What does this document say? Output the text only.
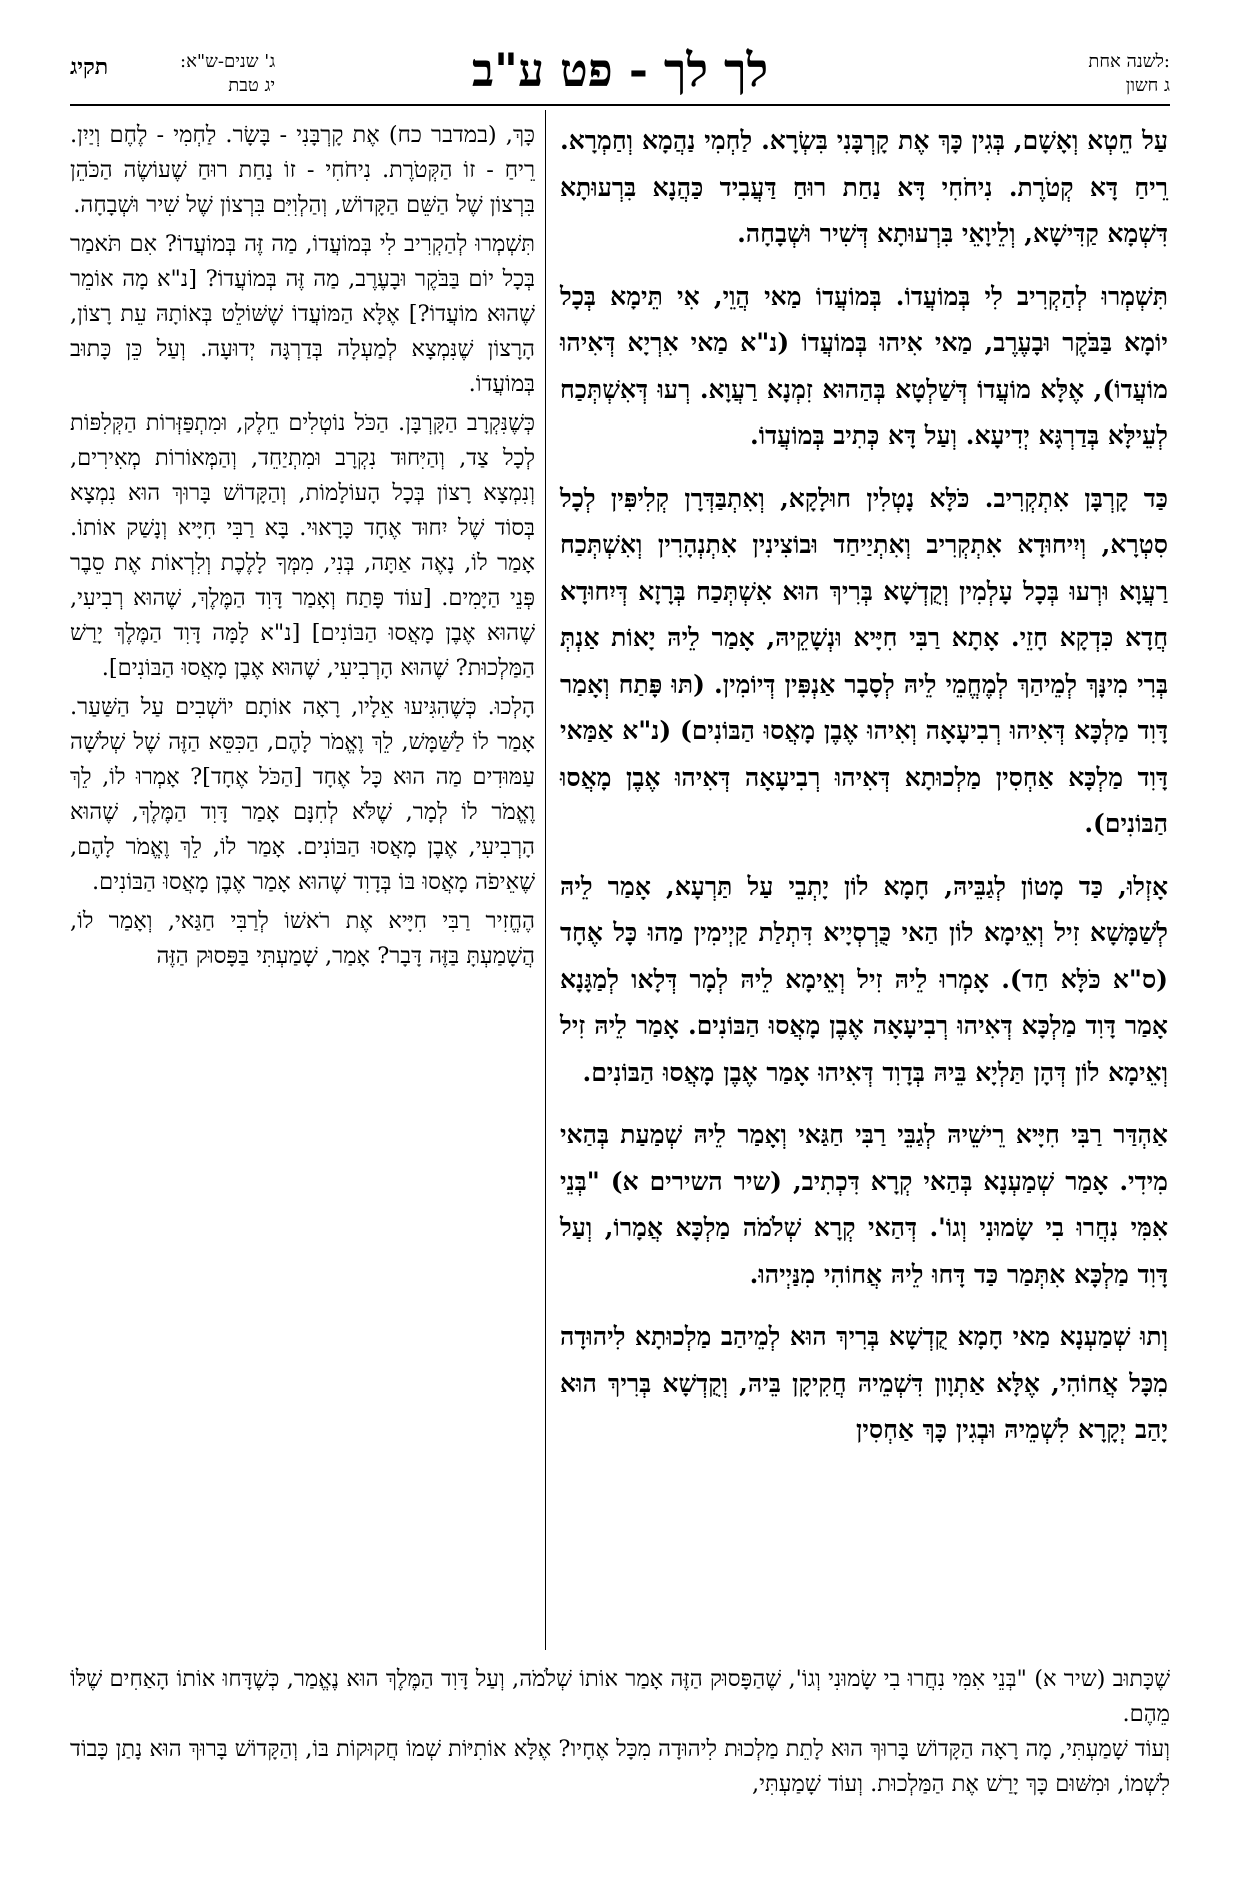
תקיג	ג' שנים-ש"א:
יג טבת	לך לך - פט ע"ב	לשנה אחת:
ג חשון

עַל חֵטְא וְאָשָׁם, בְּגִין כָּךְ אֶת קָרְבָּנִי בִּשְׂרָא. לַחְמִי נַהֲמָא וְחַמְרָא. רֵיחַ דָּא קְטֹרֶת. נִיחֹחִי דָּא נַחַת רוּחַ דַּעֲבִיד כַּהֲנָא בִּרְעוּתָא דִּשְׁמָא קַדִּישָׁא, וְלֵיוָאֵי בִּרְעוּתָא דְּשִׁיר וּשְׁבָחָה.

תִּשְׁמְרוּ לְהַקְרִיב לִי בְּמוֹעֲדוֹ. בְּמוֹעֲדוֹ מַאי הֲוֵי, אִי תֵּימָא בְּכָל יוֹמָא בַּבֹּקֶר וּבָעֶרֶב, מַאי אִיהוּ בְּמוֹעֲדוֹ (נ"א מַאי אִרְיָא דְּאִיהוּ מוֹעֲדוֹ), אֶלָּא מוֹעֲדוֹ דְּשַׁלְטָא בְּהַהוּא זִמְנָא רַעֲוָא. רְעוּ דְּאִשְׁתְּכַח לְעֵילָּא בְּדַרְגָּא יְדִיעָא. וְעַל דָּא כְּתִיב בְּמוֹעֲדוֹ.

כַּד קָרְבָּן אִתְקְרִיב. כֹּלָּא נָטְלִין חוּלָקָא, וְאִתְבַּדְּרָן קְלִיפִּין לְכָל סִטְרָא, וְיִיחוּדָא אִתְקְרִיב וְאִתְיַיחַד וּבוֹצִינִין אִתְנְהָרִין וְאִשְׁתְּכַח רַעֲוָא וּרְעוּ בְּכָל עָלְמִין וְקֻדְשָׁא בְּרִיךְ הוּא אִשְׁתְּכַח בְּרָזָא דְּיִחוּדָא חֲדָא כִּדְקָא חָזֵי. אָתָא רַבִּי חִיָּיא וּנְשָׁקֵיהּ, אָמַר לֵיהּ יָאוֹת אַנְתְּ בְּרִי מִינָּךְ לְמֵיהַךְ לְמֶחֱמֵי לֵיהּ לְסָבָר אַנְפִּין דְּיוֹמִין. (תּוּ פָּתַח וְאָמַר דָּוִד מַלְכָּא דְּאִיהוּ רְבִיעָאָה וְאִיהוּ אֶבֶן מָאֲסוּ הַבּוֹנִים) (נ"א אַמַּאי דָּוִד מַלְכָּא אַחְסִין מַלְכוּתָא דְּאִיהוּ רְבִיעָאָה דְּאִיהוּ אֶבֶן מָאֲסוּ הַבּוֹנִים).

אָזְלוּ, כַּד מָטוֹן לְגַבֵּיהּ, חָמָא לוֹן יָתְבֵי עַל תַּרְעָא, אָמַר לֵיהּ לְשַׁמָּשָׁא זִיל וְאֵימָא לוֹן הַאי כֻּרְסְיָיא דִּתְלַת קַיְימִין מַהוּ כָּל אֶחָד (ס"א כֹּלָּא חַד). אָמְרוּ לֵיהּ זִיל וְאֵימָא לֵיהּ לְמָר דְּלָאו לְמַגָּנָא אָמַר דָּוִד מַלְכָּא דְּאִיהוּ רְבִיעָאָה אֶבֶן מָאֲסוּ הַבּוֹנִים. אָמַר לֵיהּ זִיל וְאֵימָא לוֹן דְּהָן תַּלְיָא בֵּיהּ בְּדָוִד דְּאִיהוּ אָמַר אֶבֶן מָאֲסוּ הַבּוֹנִים.

אַהְדַּר רַבִּי חִיָּיא רֵישֵׁיהּ לְגַבֵּי רַבִּי חַגַּאי וְאָמַר לֵיהּ שְׁמַעַת בְּהַאי מִידִי. אָמַר שְׁמַעְנָא בְּהַאי קְרָא דִּכְתִיב, (שיר השירים א) "בְּנֵי אִמִּי נִחֲרוּ בִי שָׂמוּנִי וְגוֹ'. דְּהַאי קְרָא שְׁלֹמֹה מַלְכָּא אֲמָרוֹ, וְעַל דָּוִד מַלְכָּא אִתְּמַר כַּד דָּחוּ לֵיהּ אֲחוֹהִי מִנַּיְיהוּ.

וְתוּ שְׁמַעְנָא מַאי חָמָא קֻדְשָׁא בְּרִיךְ הוּא לְמֵיהַב מַלְכוּתָא לִיהוּדָה מִכָּל אֲחוֹהִי, אֶלָּא אַתְוָון דִּשְׁמֵיהּ חֲקִיקָן בֵּיהּ, וְקֻדְשָׁא בְּרִיךְ הוּא יָהַב יְקָרָא לִשְׁמֵיהּ וּבְגִין כָּךְ אַחְסִין

כָּךְ, (במדבר כח) אֶת קָרְבָּנִי - בָּשָׂר. לַחְמִי - לֶחֶם וְיַיִן. רֵיחַ - זוֹ הַקְּטֹרֶת. נִיחֹחִי - זוֹ נַחַת רוּחַ שֶׁעוֹשֶׂה הַכֹּהֵן בִּרְצוֹן שֶׁל הַשֵּׁם הַקָּדוֹשׁ, וְהַלְוִיִּם בִּרְצוֹן שֶׁל שִׁיר וּשְׁבָחָה.

תִּשְׁמְרוּ לְהַקְרִיב לִי בְּמוֹעֲדוֹ, מַה זֶּה בְּמוֹעֲדוֹ? אִם תֹּאמַר בְּכָל יוֹם בַּבֹּקֶר וּבָעֶרֶב, מַה זֶּה בְּמוֹעֲדוֹ? [נ"א מָה אוֹמֵר שֶׁהוּא מוֹעֲדוֹ?] אֶלָּא הַמּוֹעֲדוֹ שֶׁשּׁוֹלֵט בְּאוֹתָהּ עֵת רָצוֹן, הָרָצוֹן שֶׁנִּמְצָא לְמַעְלָה בְּדַרְגָּה יְדוּעָה. וְעַל כֵּן כָּתוּב בְּמוֹעֲדוֹ.

כְּשֶׁנִּקְרָב הַקָּרְבָּן. הַכֹּל נוֹטְלִים חֵלֶק, וּמִתְפַּזְּרוֹת הַקְּלִפּוֹת לְכָל צַד, וְהַיִּחוּד נִקְרָב וּמִתְיַחֵד, וְהַמְּאוֹרוֹת מְאִירִים, וְנִמְצָא רָצוֹן בְּכָל הָעוֹלָמוֹת, וְהַקָּדוֹשׁ בָּרוּךְ הוּא נִמְצָא בְּסוֹד שֶׁל יִחוּד אֶחָד כָּרָאוּי. בָּא רַבִּי חִיָּיא וְנָשַׁק אוֹתוֹ. אָמַר לוֹ, נָאֶה אַתָּה, בְּנִי, מִמְּךָ לָלֶכֶת וְלִרְאוֹת אֶת סֵבֶר פְּנֵי הַיָּמִים. [עוֹד פָּתַח וְאָמַר דָּוִד הַמֶּלֶךְ, שֶׁהוּא רְבִיעִי, שֶׁהוּא אֶבֶן מָאֲסוּ הַבּוֹנִים] [נ"א לָמָּה דָּוִד הַמֶּלֶךְ יָרַשׁ הַמַּלְכוּת? שֶׁהוּא הָרְבִיעִי, שֶׁהוּא אֶבֶן מָאֲסוּ הַבּוֹנִים].

הָלְכוּ. כְּשֶׁהִגִּיעוּ אֵלָיו, רָאָה אוֹתָם יוֹשְׁבִים עַל הַשַּׁעַר. אָמַר לוֹ לַשַּׁמָּשׁ, לֵךְ וֶאֱמֹר לָהֶם, הַכִּסֵּא הַזֶּה שֶׁל שְׁלֹשָׁה עַמּוּדִים מַה הוּא כָּל אֶחָד [הַכֹּל אֶחָד]? אָמְרוּ לוֹ, לֵךְ וֶאֱמֹר לוֹ לְמָר, שֶׁלֹּא לְחִנָּם אָמַר דָּוִד הַמֶּלֶךְ, שֶׁהוּא הָרְבִיעִי, אֶבֶן מָאֲסוּ הַבּוֹנִים. אָמַר לוֹ, לֵךְ וֶאֱמֹר לָהֶם, שֶׁאֵיפֹה מָאֲסוּ בּוֹ בְּדָוִד שֶׁהוּא אָמַר אֶבֶן מָאֲסוּ הַבּוֹנִים.

הֶחֱזִיר רַבִּי חִיָּיא אֶת רֹאשׁוֹ לְרַבִּי חַגַּאי, וְאָמַר לוֹ, הֲשָׁמַעְתָּ בַּזֶּה דָּבָר? אָמַר, שָׁמַעְתִּי בַּפָּסוּק הַזֶּה

שֶׁכָּתוּב (שיר א) "בְּנֵי אִמִּי נִחֲרוּ בִי שָׂמוּנִי וְגוֹ', שֶׁהַפָּסוּק הַזֶּה אָמַר אוֹתוֹ שְׁלֹמֹה, וְעַל דָּוִד הַמֶּלֶךְ הוּא נֶאֱמַר, כְּשֶׁדָּחוּ אוֹתוֹ הָאַחִים שֶׁלּוֹ מֵהֶם.

וְעוֹד שָׁמַעְתִּי, מָה רָאָה הַקָּדוֹשׁ בָּרוּךְ הוּא לָתֵת מַלְכוּת לִיהוּדָה מִכָּל אֶחָיו? אֶלָּא אוֹתִיּוֹת שְׁמוֹ חֲקוּקוֹת בּוֹ, וְהַקָּדוֹשׁ בָּרוּךְ הוּא נָתַן כָּבוֹד לִשְׁמוֹ, וּמִשּׁוּם כָּךְ יָרַשׁ אֶת הַמַּלְכוּת. וְעוֹד שָׁמַעְתִּי,
